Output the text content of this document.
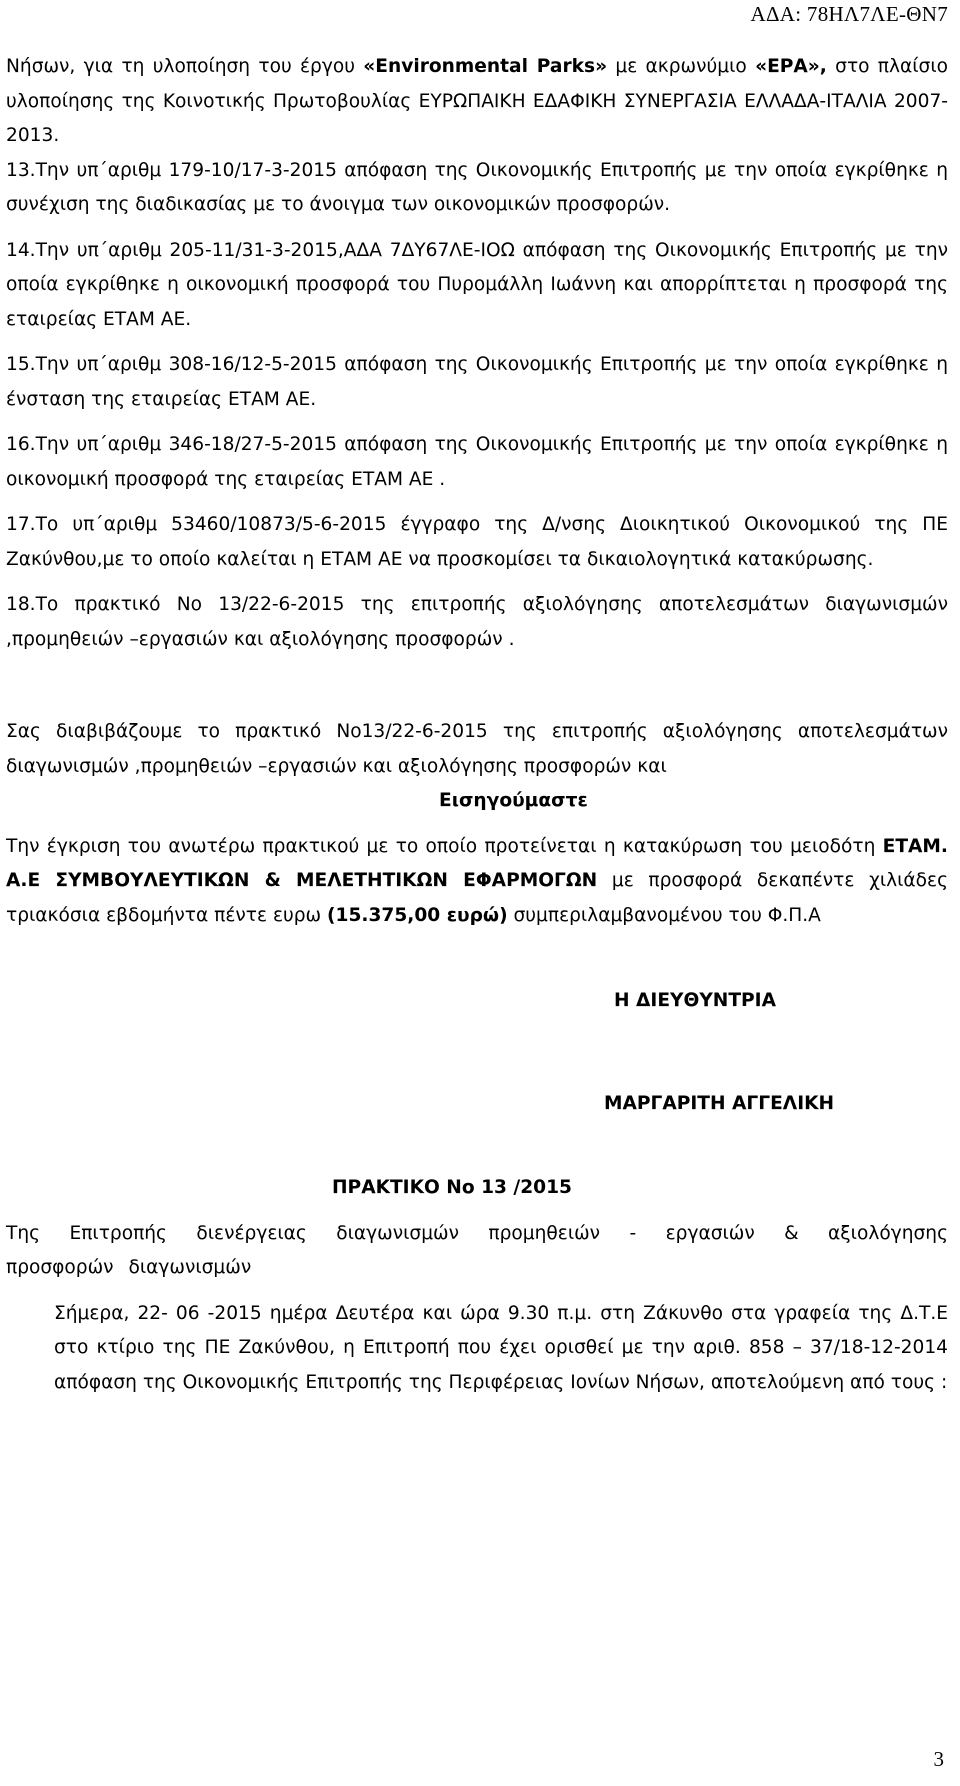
ΑΔΑ: 78ΗΛ7ΛΕ-ΘΝ7

Νήσων, για τη υλοποίηση του έργου «Environmental Parks» με ακρωνύμιο «ΕΡΑ», στο πλαίσιο υλοποίησης της Κοινοτικής Πρωτοβουλίας ΕΥΡΩΠΑΙΚΗ ΕΔΑΦΙΚΗ ΣΥΝΕΡΓΑΣΙΑ ΕΛΛΑΔΑ-ΙΤΑΛΙΑ 2007-2013.

13.Την υπ΄αριθμ 179-10/17-3-2015 απόφαση της Οικονομικής Επιτροπής με την οποία εγκρίθηκε η συνέχιση της διαδικασίας με το άνοιγμα των οικονομικών προσφορών.

14.Την υπ΄αριθμ 205-11/31-3-2015,ΑΔΑ 7ΔΥ67ΛΕ-ΙΟΩ απόφαση της Οικονομικής Επιτροπής με την οποία εγκρίθηκε η οικονομική προσφορά του Πυρομάλλη Ιωάννη και απορρίπτεται η προσφορά της εταιρείας ΕΤΑΜ ΑΕ.

15.Την υπ΄αριθμ 308-16/12-5-2015 απόφαση της Οικονομικής Επιτροπής με την οποία εγκρίθηκε η ένσταση της εταιρείας ΕΤΑΜ ΑΕ.

16.Την υπ΄αριθμ 346-18/27-5-2015 απόφαση της Οικονομικής Επιτροπής με την οποία εγκρίθηκε η οικονομική προσφορά της εταιρείας ΕΤΑΜ ΑΕ .

17.Το υπ΄αριθμ 53460/10873/5-6-2015 έγγραφο της Δ/νσης Διοικητικού Οικονομικού της ΠΕ Ζακύνθου,με το οποίο καλείται η ΕΤΑΜ ΑΕ να προσκομίσει τα δικαιολογητικά κατακύρωσης.

18.Το πρακτικό Νο 13/22-6-2015 της επιτροπής αξιολόγησης αποτελεσμάτων διαγωνισμών ,προμηθειών –εργασιών και αξιολόγησης προσφορών .

Σας διαβιβάζουμε το πρακτικό Νο13/22-6-2015 της επιτροπής αξιολόγησης αποτελεσμάτων διαγωνισμών ,προμηθειών –εργασιών και αξιολόγησης προσφορών και

Εισηγούμαστε

Την έγκριση του ανωτέρω πρακτικού με το οποίο προτείνεται η κατακύρωση του μειοδότη ΕΤΑΜ. Α.Ε ΣΥΜΒΟΥΛΕΥΤΙΚΩΝ & ΜΕΛΕΤΗΤΙΚΩΝ ΕΦΑΡΜΟΓΩΝ με προσφορά δεκαπέντε χιλιάδες τριακόσια εβδομήντα πέντε ευρω (15.375,00 ευρώ) συμπεριλαμβανομένου του Φ.Π.Α

Η ΔΙΕΥΘΥΝΤΡΙΑ

ΜΑΡΓΑΡΙΤΗ ΑΓΓΕΛΙΚΗ

ΠΡΑΚΤΙΚΟ Νο 13 /2015

Της Επιτροπής διενέργειας διαγωνισμών προμηθειών - εργασιών & αξιολόγησης προσφορών διαγωνισμών

Σήμερα, 22- 06 -2015 ημέρα Δευτέρα και ώρα 9.30 π.μ. στη Ζάκυνθο στα γραφεία της Δ.Τ.Ε στο κτίριο της ΠΕ Ζακύνθου, η Επιτροπή που έχει ορισθεί με την αριθ. 858 – 37/18-12-2014 απόφαση της Οικονομικής Επιτροπής της Περιφέρειας Ιονίων Νήσων, αποτελούμενη από τους :

3
